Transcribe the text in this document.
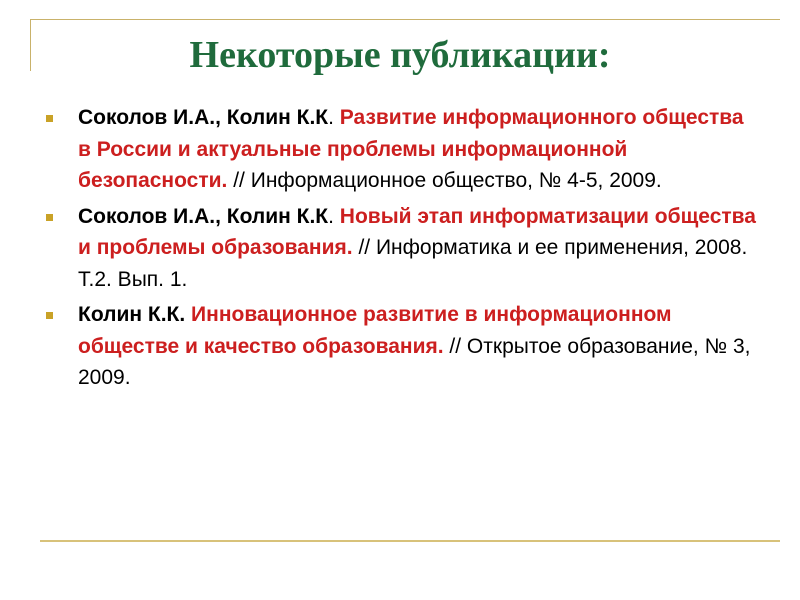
Некоторые публикации:
Соколов И.А., Колин К.К. Развитие информационного общества в России и актуальные проблемы информационной безопасности. // Информационное общество, № 4-5, 2009.
Соколов И.А., Колин К.К. Новый этап информатизации общества и проблемы образования. // Информатика и ее применения, 2008. Т.2. Вып. 1.
Колин К.К. Инновационное развитие в информационном обществе и качество образования. // Открытое образование, № 3, 2009.
